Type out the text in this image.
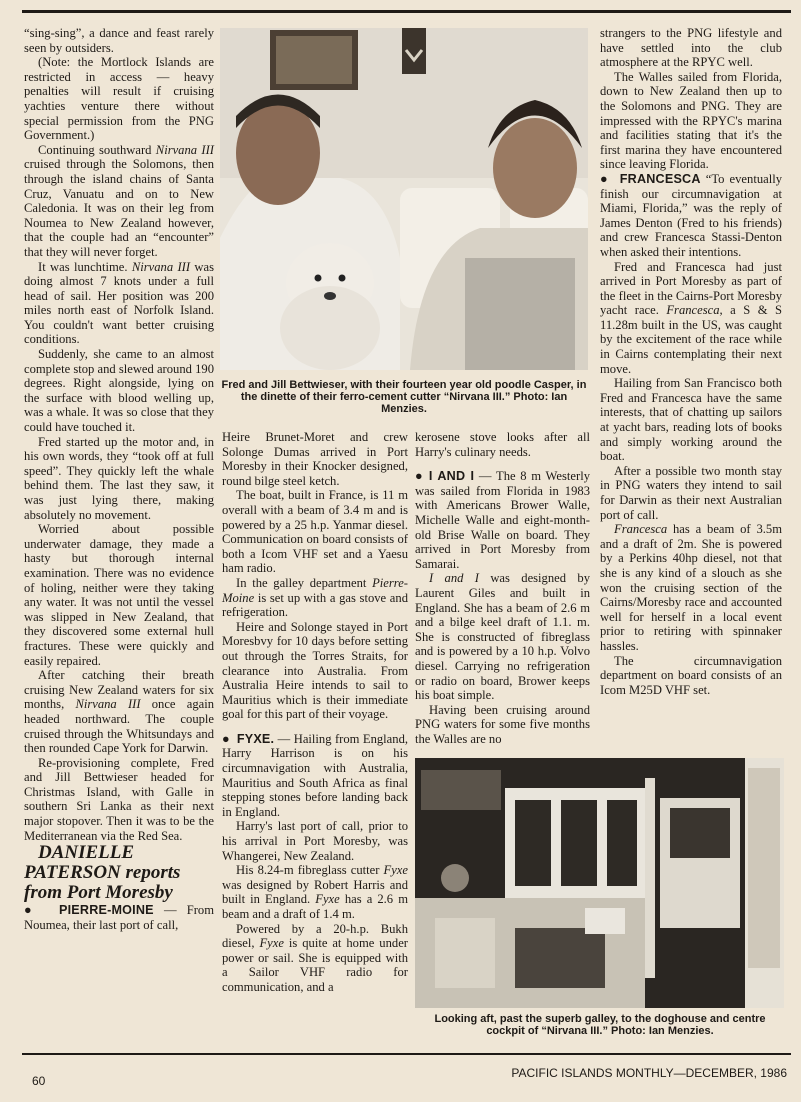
“sing-sing”, a dance and feast rarely seen by outsiders.

(Note: the Mortlock Islands are restricted in access — heavy penalties will result if cruising yachties venture there without special permission from the PNG Government.)

Continuing southward Nirvana III cruised through the Solomons, then through the island chains of Santa Cruz, Vanuatu and on to New Caledonia. It was on their leg from Noumea to New Zealand however, that the couple had an “encounter” that they will never forget.

It was lunchtime. Nirvana III was doing almost 7 knots under a full head of sail. Her position was 200 miles north east of Norfolk Island. You couldn't want better cruising conditions.

Suddenly, she came to an almost complete stop and slewed around 190 degrees. Right alongside, lying on the surface with blood welling up, was a whale. It was so close that they could have touched it.

Fred started up the motor and, in his own words, they “took off at full speed”. They quickly left the whale behind them. The last they saw, it was just lying there, making absolutely no movement.

Worried about possible underwater damage, they made a hasty but thorough internal examination. There was no evidence of holing, neither were they taking any water. It was not until the vessel was slipped in New Zealand, that they discovered some external hull fractures. These were quickly and easily repaired.

After catching their breath cruising New Zealand waters for six months, Nirvana III once again headed northward. The couple cruised through the Whitsundays and then rounded Cape York for Darwin.

Re-provisioning complete, Fred and Jill Bettwieser headed for Christmas Island, with Galle in southern Sri Lanka as their next major stopover. Then it was to be the Mediterranean via the Red Sea.

DANIELLE PATERSON reports from Port Moresby

● PIERRE-MOINE — From Noumea, their last port of call,

Fred and Jill Bettwieser, with their fourteen year old poodle Casper, in the dinette of their ferro-cement cutter “Nirvana III.” Photo: Ian Menzies.

Heire Brunet-Moret and crew Solonge Dumas arrived in Port Moresby in their Knocker designed, round bilge steel ketch.

The boat, built in France, is 11 m overall with a beam of 3.4 m and is powered by a 25 h.p. Yanmar diesel. Communication on board consists of both a Icom VHF set and a Yaesu ham radio.

In the galley department Pierre-Moine is set up with a gas stove and refrigeration.

Heire and Solonge stayed in Port Moresbvy for 10 days before setting out through the Torres Straits, for clearance into Australia. From Australia Heire intends to sail to Mauritius which is their immediate goal for this part of their voyage.

● FYXE. — Hailing from England, Harry Harrison is on his circumnavigation with Australia, Mauritius and South Africa as final stepping stones before landing back in England.

Harry's last port of call, prior to his arrival in Port Moresby, was Whangerei, New Zealand.

His 8.24-m fibreglass cutter Fyxe was designed by Robert Harris and built in England. Fyxe has a 2.6 m beam and a draft of 1.4 m.

Powered by a 20-h.p. Bukh diesel, Fyxe is quite at home under power or sail. She is equipped with a Sailor VHF radio for communication, and a

kerosene stove looks after all Harry's culinary needs.

● I AND I — The 8 m Westerly was sailed from Florida in 1983 with Americans Brower Walle, Michelle Walle and eight-month-old Brise Walle on board. They arrived in Port Moresby from Samarai.

I and I was designed by Laurent Giles and built in England. She has a beam of 2.6 m and a bilge keel draft of 1.1. m. She is constructed of fibreglass and is powered by a 10 h.p. Volvo diesel. Carrying no refrigeration or radio on board, Brower keeps his boat simple.

Having been cruising around PNG waters for some five months the Walles are no

strangers to the PNG lifestyle and have settled into the club atmosphere at the RPYC well.

The Walles sailed from Florida, down to New Zealand then up to the Solomons and PNG. They are impressed with the RPYC's marina and facilities stating that it's the first marina they have encountered since leaving Florida.

● FRANCESCA “To eventually finish our circumnavigation at Miami, Florida,” was the reply of James Denton (Fred to his friends) and crew Francesca Stassi-Denton when asked their intentions.

Fred and Francesca had just arrived in Port Moresby as part of the fleet in the Cairns-Port Moresby yacht race. Francesca, a S & S 11.28m built in the US, was caught by the excitement of the race while in Cairns contemplating their next move.

Hailing from San Francisco both Fred and Francesca have the same interests, that of chatting up sailors at yacht bars, reading lots of books and simply working around the boat.

After a possible two month stay in PNG waters they intend to sail for Darwin as their next Australian port of call.

Francesca has a beam of 3.5m and a draft of 2m. She is powered by a Perkins 40hp diesel, not that she is any kind of a slouch as she won the cruising section of the Cairns/Moresby race and accounted well for herself in a local event prior to retiring with spinnaker hassles.

The circumnavigation department on board consists of an Icom M25D VHF set.

Looking aft, past the superb galley, to the doghouse and centre cockpit of “Nirvana III.” Photo: Ian Menzies.
60
PACIFIC ISLANDS MONTHLY—DECEMBER, 1986
